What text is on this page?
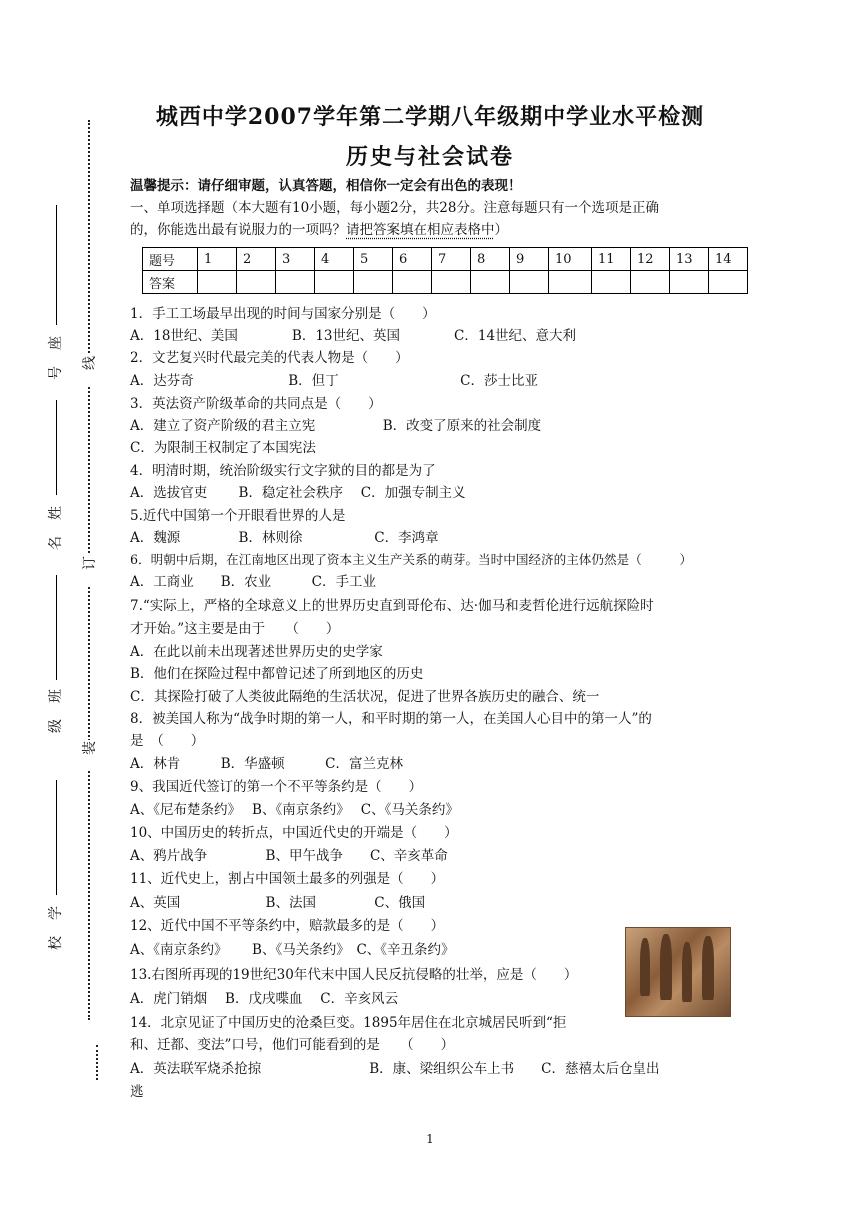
座
号
姓
名
班
级
学
校
线
订
装
城西中学2007学年第二学期八年级期中学业水平检测
历史与社会试卷
温馨提示：请仔细审题，认真答题，相信你一定会有出色的表现！
一、单项选择题（本大题有10小题，每小题2分，共28分。注意每题只有一个选项是正确
的，你能选出最有说服力的一项吗？请把答案填在相应表格中）
题号	1	2	3	4	5	6	7	8	9	10	11	12	13	14
答案														
1．手工工场最早出现的时间与国家分别是（　　）
A．18世纪、美国　　　　B．13世纪、英国　　　　C．14世纪、意大利
2．文艺复兴时代最完美的代表人物是（　　）
A．达芬奇　　　　　　　B．但丁　　　　　　　　　C．莎士比亚
3．英法资产阶级革命的共同点是（　　）
A．建立了资产阶级的君主立宪　　　　　B．改变了原来的社会制度
C．为限制王权制定了本国宪法
4．明清时期，统治阶级实行文字狱的目的都是为了
A．选拔官吏　　 B．稳定社会秩序　 C．加强专制主义
5.近代中国第一个开眼看世界的人是
A．魏源　　　　 B．林则徐　　　　　 C．李鸿章
6．明朝中后期，在江南地区出现了资本主义生产关系的萌芽。当时中国经济的主体仍然是（　　　）
A．工商业　　B．农业　　　C．手工业
7.“实际上，严格的全球意义上的世界历史直到哥伦布、达·伽马和麦哲伦进行远航探险时
才开始。”这主要是由于　　（　　）
A．在此以前未出现著述世界历史的史学家
B．他们在探险过程中都曾记述了所到地区的历史
C．其探险打破了人类彼此隔绝的生活状况，促进了世界各族历史的融合、统一
8．被美国人称为“战争时期的第一人，和平时期的第一人，在美国人心目中的第一人”的
是　（　　）
A．林肯　　　B．华盛顿　　　C．富兰克林
9、我国近代签订的第一个不平等条约是（　　）
A、《尼布楚条约》　 B、《南京条约》　 C、《马关条约》
10、中国历史的转折点，中国近代史的开端是（　　）
A、鸦片战争　　　　 B、甲午战争　　C、辛亥革命
11、近代史上，割占中国领土最多的列强是（　　）
A、英国　　　　　　 B、法国　　　　 C、俄国
12、近代中国不平等条约中，赔款最多的是（　　）
A、《南京条约》　　 B、《马关条约》　C、《辛丑条约》
13.右图所再现的19世纪30年代末中国人民反抗侵略的壮举，应是（　　）
A．虎门销烟　 B．戊戌喋血　 C．辛亥风云
14．北京见证了中国历史的沧桑巨变。1895年居住在北京城居民听到“拒
和、迁都、变法”口号，他们可能看到的是　　（　　）
A．英法联军烧杀抢掠　　　　　　　　B．康、梁组织公车上书　　C．慈禧太后仓皇出
逃
1
